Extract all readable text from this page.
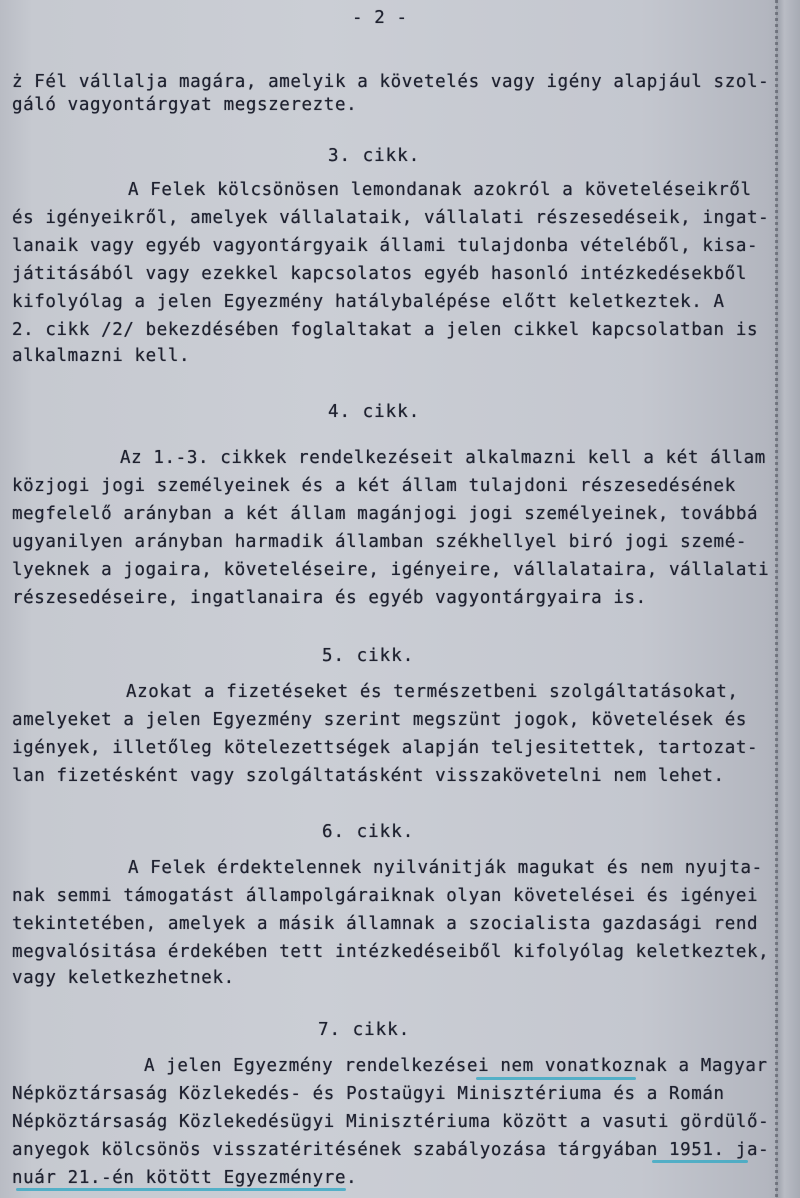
- 2 -
ż Fél vállalja magára, amelyik a követelés vagy igény alapjául szol-
gáló vagyontárgyat megszerezte.
3. cikk.
A Felek kölcsönösen lemondanak azokról a követeléseikről
és igényeikről, amelyek vállalataik, vállalati részesedéseik, ingat-
lanaik vagy egyéb vagyontárgyaik állami tulajdonba vételéből, kisa-
játitásából vagy ezekkel kapcsolatos egyéb hasonló intézkedésekből
kifolyólag a jelen Egyezmény hatálybalépése előtt keletkeztek. A
2. cikk /2/ bekezdésében foglaltakat a jelen cikkel kapcsolatban is
alkalmazni kell.
4. cikk.
Az 1.-3. cikkek rendelkezéseit alkalmazni kell a két állam
közjogi jogi személyeinek és a két állam tulajdoni részesedésének
megfelelő arányban a két állam magánjogi jogi személyeinek, továbbá
ugyanilyen arányban harmadik államban székhellyel biró jogi szemé-
lyeknek a jogaira, követeléseire, igényeire, vállalataira, vállalati
részesedéseire, ingatlanaira és egyéb vagyontárgyaira is.
5. cikk.
Azokat a fizetéseket és természetbeni szolgáltatásokat,
amelyeket a jelen Egyezmény szerint megszünt jogok, követelések és
igények, illetőleg kötelezettségek alapján teljesitettek, tartozat-
lan fizetésként vagy szolgáltatásként visszakövetelni nem lehet.
6. cikk.
A Felek érdektelennek nyilvánitják magukat és nem nyujta-
nak semmi támogatást állampolgáraiknak olyan követelései és igényei
tekintetében, amelyek a másik államnak a szocialista gazdasági rend
megvalósitása érdekében tett intézkedéseiből kifolyólag keletkeztek,
vagy keletkezhetnek.
7. cikk.
A jelen Egyezmény rendelkezései nem vonatkoznak a Magyar
Népköztársaság Közlekedés- és Postaügyi Minisztériuma és a Román
Népköztársaság Közlekedésügyi Minisztériuma között a vasuti gördülő-
anyegok kölcsönös visszatéritésének szabályozása tárgyában 1951. ja-
nuár 21.-én kötött Egyezményre.
